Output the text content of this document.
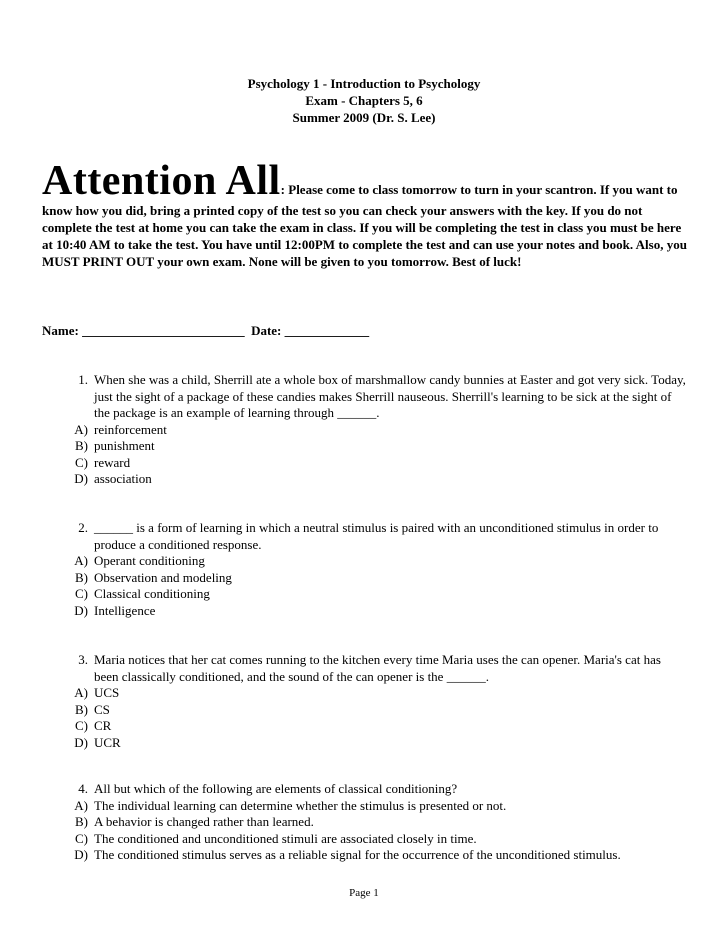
Psychology 1 - Introduction to Psychology
Exam - Chapters 5, 6
Summer 2009 (Dr. S. Lee)
Attention All: Please come to class tomorrow to turn in your scantron. If you want to know how you did, bring a printed copy of the test so you can check your answers with the key. If you do not complete the test at home you can take the exam in class. If you will be completing the test in class you must be here at 10:40 AM to take the test. You have until 12:00PM to complete the test and can use your notes and book. Also, you MUST PRINT OUT your own exam. None will be given to you tomorrow. Best of luck!
Name: _________________________  Date: _____________
1. When she was a child, Sherrill ate a whole box of marshmallow candy bunnies at Easter and got very sick. Today, just the sight of a package of these candies makes Sherrill nauseous. Sherrill's learning to be sick at the sight of the package is an example of learning through ______.
A) reinforcement
B) punishment
C) reward
D) association
2. ______ is a form of learning in which a neutral stimulus is paired with an unconditioned stimulus in order to produce a conditioned response.
A) Operant conditioning
B) Observation and modeling
C) Classical conditioning
D) Intelligence
3. Maria notices that her cat comes running to the kitchen every time Maria uses the can opener. Maria's cat has been classically conditioned, and the sound of the can opener is the ______.
A) UCS
B) CS
C) CR
D) UCR
4. All but which of the following are elements of classical conditioning?
A) The individual learning can determine whether the stimulus is presented or not.
B) A behavior is changed rather than learned.
C) The conditioned and unconditioned stimuli are associated closely in time.
D) The conditioned stimulus serves as a reliable signal for the occurrence of the unconditioned stimulus.
Page 1
